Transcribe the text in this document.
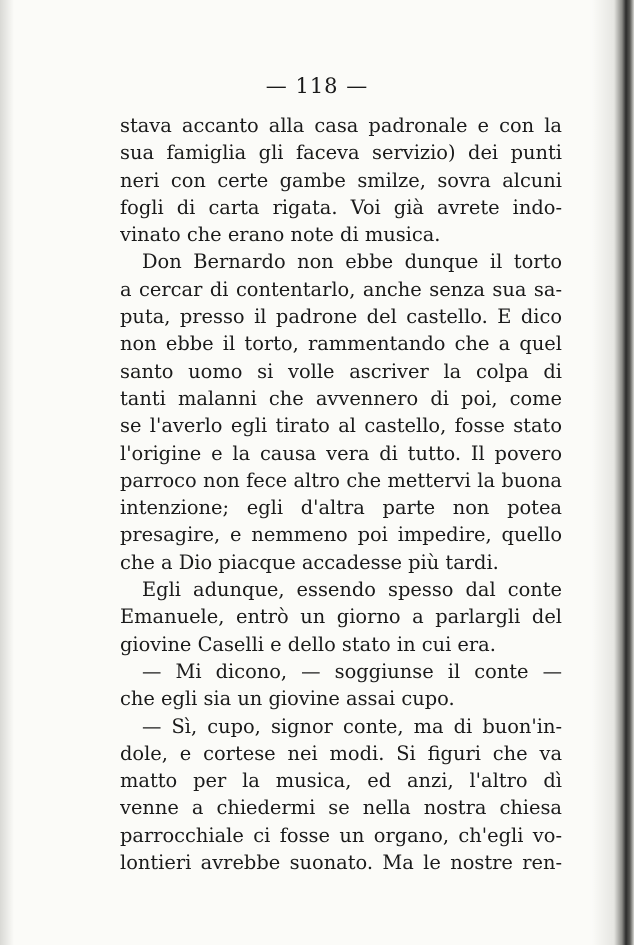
— 118 —
stava accanto alla casa padronale e con la
sua famiglia gli faceva servizio) dei punti
neri con certe gambe smilze, sovra alcuni
fogli di carta rigata. Voi già avrete indo-
vinato che erano note di musica.
Don Bernardo non ebbe dunque il torto
a cercar di contentarlo, anche senza sua sa-
puta, presso il padrone del castello. E dico
non ebbe il torto, rammentando che a quel
santo uomo si volle ascriver la colpa di
tanti malanni che avvennero di poi, come
se l'averlo egli tirato al castello, fosse stato
l'origine e la causa vera di tutto. Il povero
parroco non fece altro che mettervi la buona
intenzione; egli d'altra parte non potea
presagire, e nemmeno poi impedire, quello
che a Dio piacque accadesse più tardi.
Egli adunque, essendo spesso dal conte
Emanuele, entrò un giorno a parlargli del
giovine Caselli e dello stato in cui era.
— Mi dicono, — soggiunse il conte —
che egli sia un giovine assai cupo.
— Sì, cupo, signor conte, ma di buon'in-
dole, e cortese nei modi. Si figuri che va
matto per la musica, ed anzi, l'altro dì
venne a chiedermi se nella nostra chiesa
parrocchiale ci fosse un organo, ch'egli vo-
lontieri avrebbe suonato. Ma le nostre ren-
